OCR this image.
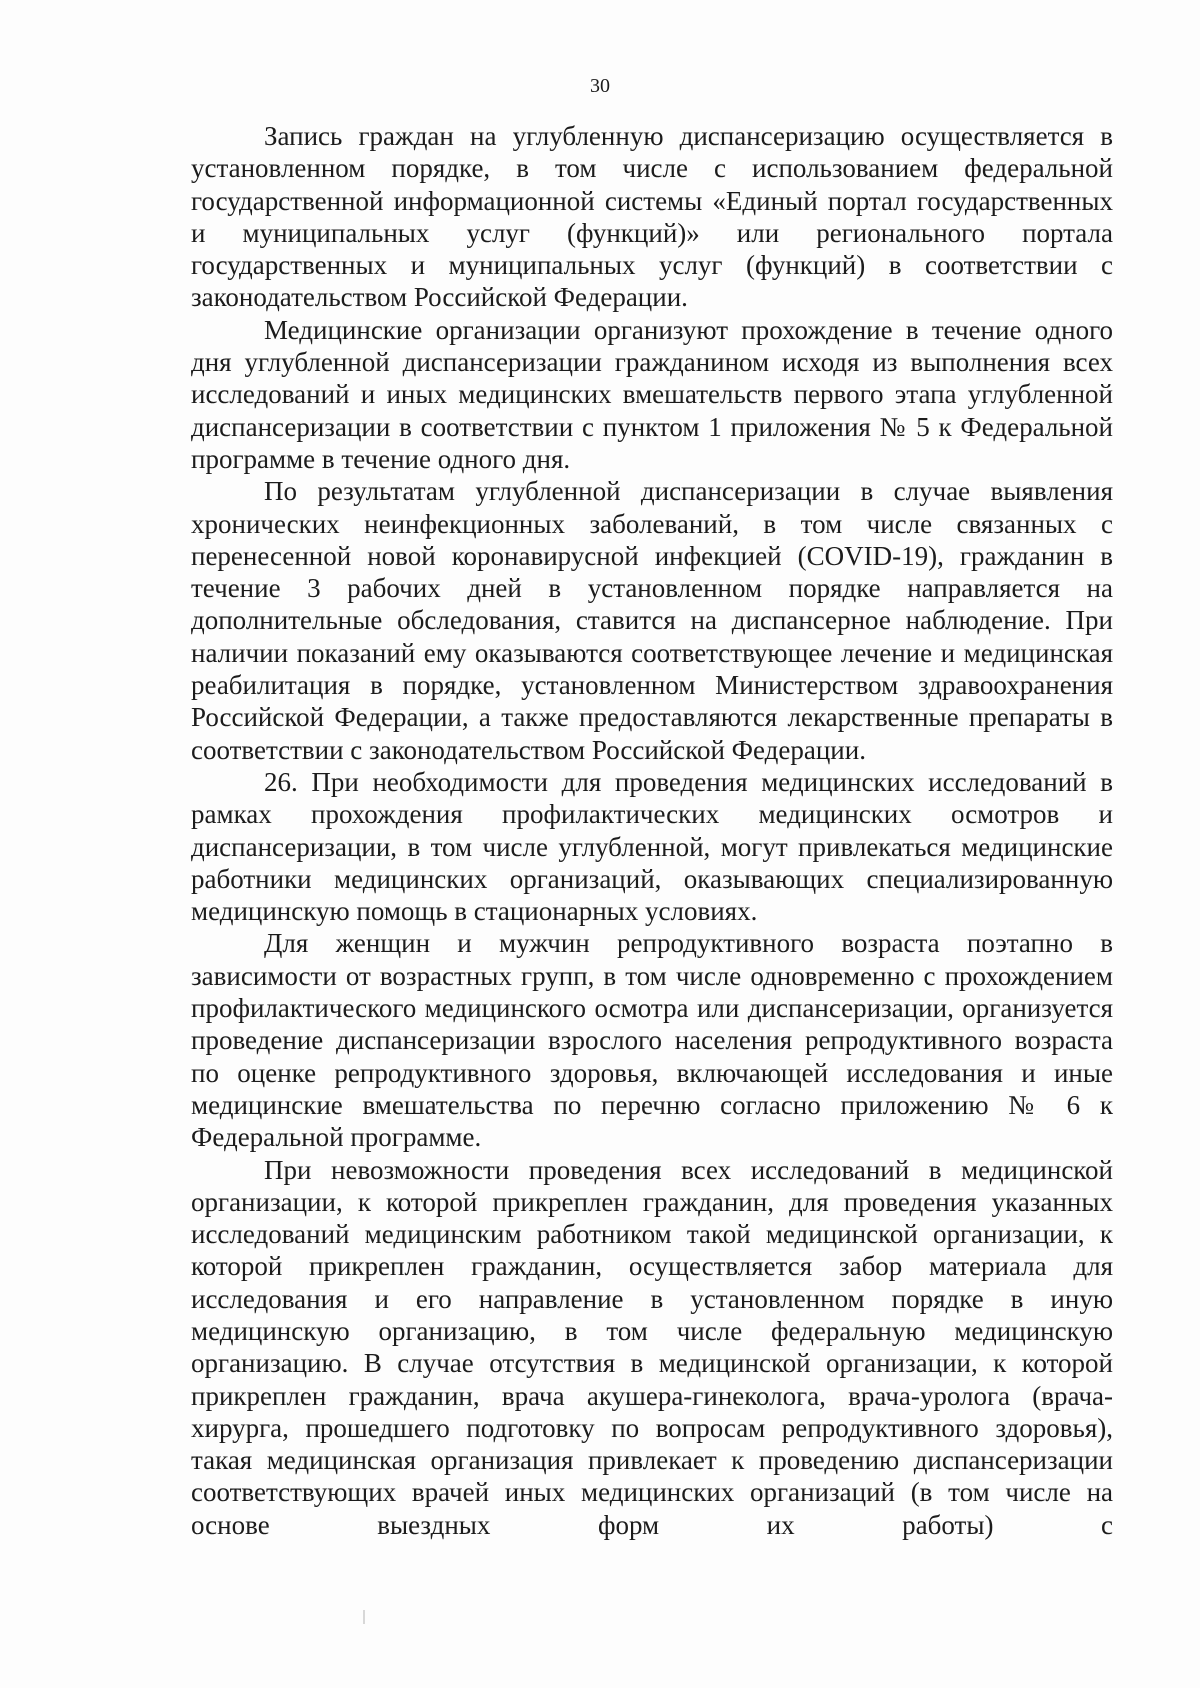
30

Запись граждан на углубленную диспансеризацию осуществляется в установленном порядке, в том числе с использованием федеральной государственной информационной системы «Единый портал государственных и муниципальных услуг (функций)» или регионального портала государственных и муниципальных услуг (функций) в соответствии с законодательством Российской Федерации.

Медицинские организации организуют прохождение в течение одного дня углубленной диспансеризации гражданином исходя из выполнения всех исследований и иных медицинских вмешательств первого этапа углубленной диспансеризации в соответствии с пунктом 1 приложения № 5 к Федеральной программе в течение одного дня.

По результатам углубленной диспансеризации в случае выявления хронических неинфекционных заболеваний, в том числе связанных с перенесенной новой коронавирусной инфекцией (COVID-19), гражданин в течение 3 рабочих дней в установленном порядке направляется на дополнительные обследования, ставится на диспансерное наблюдение. При наличии показаний ему оказываются соответствующее лечение и медицинская реабилитация в порядке, установленном Министерством здравоохранения Российской Федерации, а также предоставляются лекарственные препараты в соответствии с законодательством Российской Федерации.

26. При необходимости для проведения медицинских исследований в рамках прохождения профилактических медицинских осмотров и диспансеризации, в том числе углубленной, могут привлекаться медицинские работники медицинских организаций, оказывающих специализированную медицинскую помощь в стационарных условиях.

Для женщин и мужчин репродуктивного возраста поэтапно в зависимости от возрастных групп, в том числе одновременно с прохождением профилактического медицинского осмотра или диспансеризации, организуется проведение диспансеризации взрослого населения репродуктивного возраста по оценке репродуктивного здоровья, включающей исследования и иные медицинские вмешательства по перечню согласно приложению № 6 к Федеральной программе.

При невозможности проведения всех исследований в медицинской организации, к которой прикреплен гражданин, для проведения указанных исследований медицинским работником такой медицинской организации, к которой прикреплен гражданин, осуществляется забор материала для исследования и его направление в установленном порядке в иную медицинскую организацию, в том числе федеральную медицинскую организацию. В случае отсутствия в медицинской организации, к которой прикреплен гражданин, врача акушера-гинеколога, врача-уролога (врача-хирурга, прошедшего подготовку по вопросам репродуктивного здоровья), такая медицинская организация привлекает к проведению диспансеризации соответствующих врачей иных медицинских организаций (в том числе на основе выездных форм их работы) с
